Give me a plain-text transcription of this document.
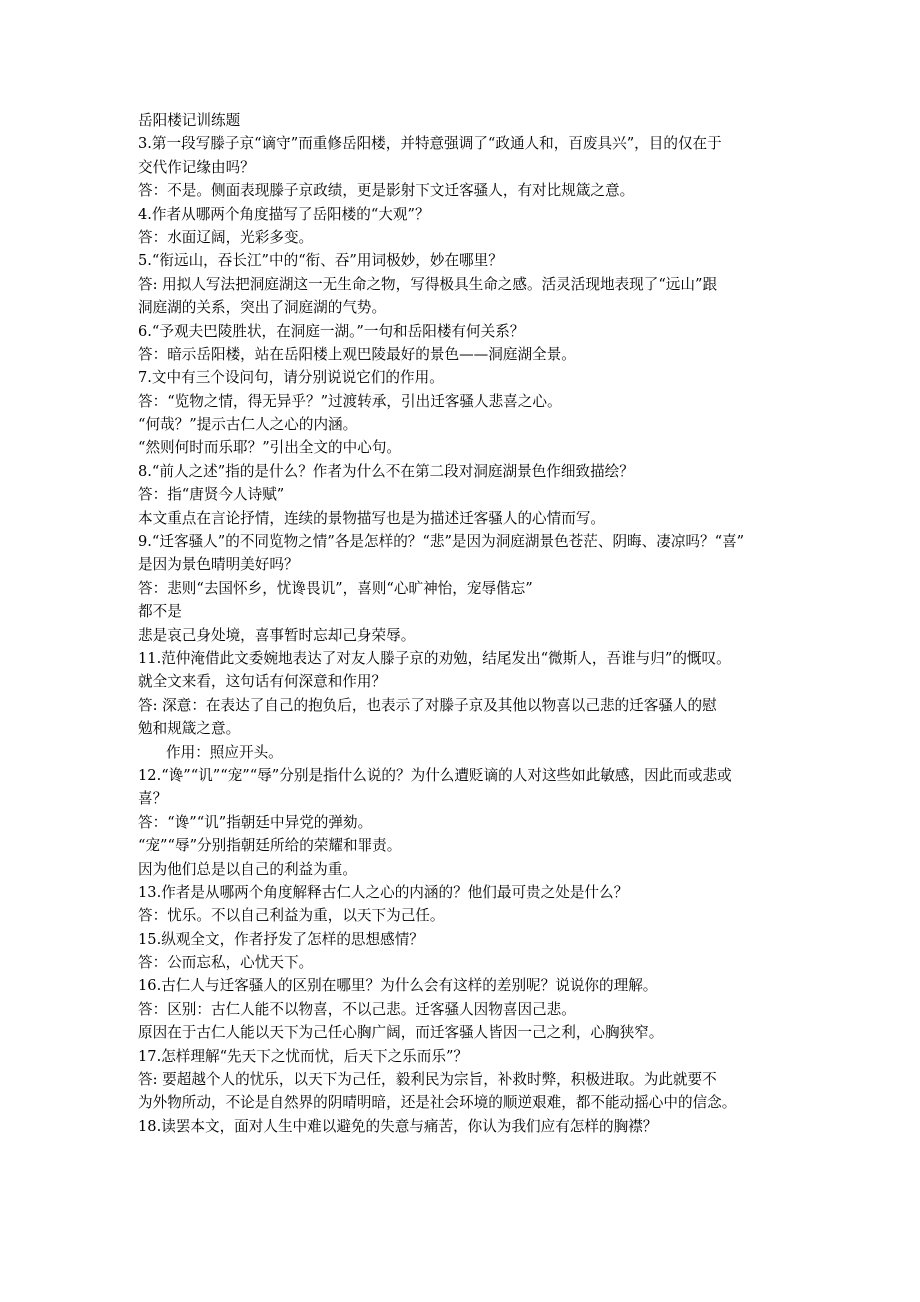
岳阳楼记训练题
3.第一段写滕子京“谪守”而重修岳阳楼，并特意强调了“政通人和，百废具兴”，目的仅在于
交代作记缘由吗？
答：不是。侧面表现滕子京政绩，更是影射下文迁客骚人，有对比规箴之意。
4.作者从哪两个角度描写了岳阳楼的“大观”？
答：水面辽阔，光彩多变。
5.“衔远山，吞长江”中的“衔、吞”用词极妙，妙在哪里？
答: 用拟人写法把洞庭湖这一无生命之物，写得极具生命之感。活灵活现地表现了“远山”跟
洞庭湖的关系，突出了洞庭湖的气势。
6.“予观夫巴陵胜状，在洞庭一湖。”一句和岳阳楼有何关系？
答：暗示岳阳楼，站在岳阳楼上观巴陵最好的景色——洞庭湖全景。
7.文中有三个设问句，请分别说说它们的作用。
答：“览物之情，得无异乎？”过渡转承，引出迁客骚人悲喜之心。
“何哉？”提示古仁人之心的内涵。
“然则何时而乐耶？”引出全文的中心句。
8.“前人之述”指的是什么？作者为什么不在第二段对洞庭湖景色作细致描绘？
答：指“唐贤今人诗赋”
本文重点在言论抒情，连续的景物描写也是为描述迁客骚人的心情而写。
9.“迁客骚人”的不同览物之情”各是怎样的？“悲”是因为洞庭湖景色苍茫、阴晦、凄凉吗？“喜”
是因为景色晴明美好吗？
答：悲则“去国怀乡，忧谗畏讥”，喜则“心旷神怡，宠辱偕忘”
都不是
悲是哀己身处境，喜事暂时忘却己身荣辱。
11.范仲淹借此文委婉地表达了对友人滕子京的劝勉，结尾发出“微斯人，吾谁与归”的慨叹。
就全文来看，这句话有何深意和作用？
答: 深意：在表达了自己的抱负后，也表示了对滕子京及其他以物喜以己悲的迁客骚人的慰
勉和规箴之意。
作用：照应开头。
12.“谗”“讥”“宠”“辱”分别是指什么说的？为什么遭贬谪的人对这些如此敏感，因此而或悲或
喜？
答：“谗”“讥”指朝廷中异党的弹劾。
“宠”“辱”分别指朝廷所给的荣耀和罪责。
因为他们总是以自己的利益为重。
13.作者是从哪两个角度解释古仁人之心的内涵的？他们最可贵之处是什么？
答：忧乐。不以自己利益为重，以天下为己任。
15.纵观全文，作者抒发了怎样的思想感情？
答：公而忘私，心忧天下。
16.古仁人与迁客骚人的区别在哪里？为什么会有这样的差别呢？说说你的理解。
答：区别：古仁人能不以物喜，不以己悲。迁客骚人因物喜因己悲。
原因在于古仁人能以天下为己任心胸广阔，而迁客骚人皆因一己之利，心胸狭窄。
17.怎样理解“先天下之忧而忧，后天下之乐而乐”？
答: 要超越个人的忧乐，以天下为己任，毅利民为宗旨，补救时弊，积极进取。为此就要不
为外物所动，不论是自然界的阴晴明暗，还是社会环境的顺逆艰难，都不能动摇心中的信念。
18.读罢本文，面对人生中难以避免的失意与痛苦，你认为我们应有怎样的胸襟？
